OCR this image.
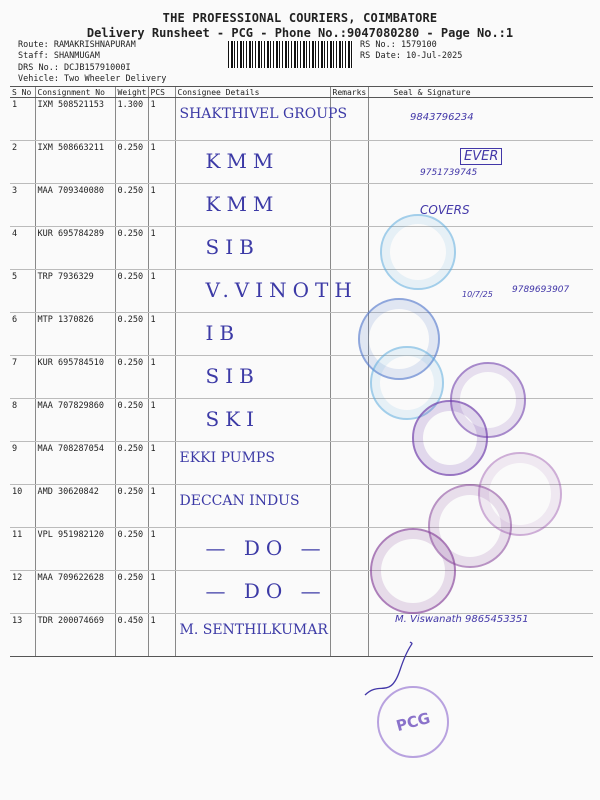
THE PROFESSIONAL COURIERS, COIMBATORE
Delivery Runsheet - PCG - Phone No.:9047080280 - Page No.:1
Route: RAMAKRISHNAPURAM
Staff: SHANMUGAM
DRS No.: DCJB15791000I
Vehicle: Two Wheeler Delivery
RS No.: 1579100
RS Date: 10-Jul-2025
S No	Consignment No	Weight	PCS	Consignee Details	Remarks	Seal & Signature
1	IXM 508521153	1.300	1	SHAKTHIVEL GROUPS		
2	IXM 508663211	0.250	1	KMM		
3	MAA 709340080	0.250	1	KMM		
4	KUR 695784289	0.250	1	SIB		
5	TRP 7936329	0.250	1	V.VINOTH		
6	MTP 1370826	0.250	1	IB		
7	KUR 695784510	0.250	1	SIB		
8	MAA 707829860	0.250	1	SKI		
9	MAA 708287054	0.250	1	EKKI PUMPS		
10	AMD 30620842	0.250	1	DECCAN INDUS		
11	VPL 951982120	0.250	1	— DO —		
12	MAA 709622628	0.250	1	— DO —		
13	TDR 200074669	0.450	1	M. SENTHILKUMAR		
9843796234
EVER
9751739745
COVERS
10/7/25 9789693907
M. Viswanath 9865453351
PCG
